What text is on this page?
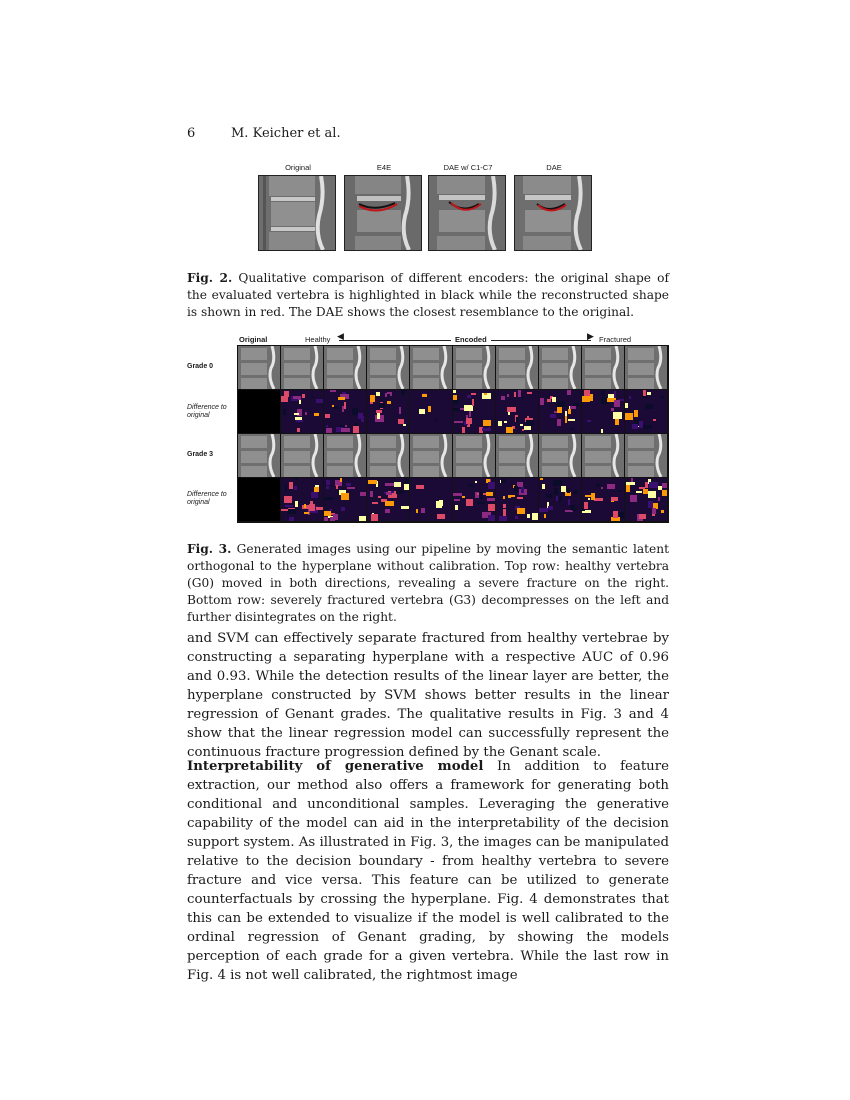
6	M. Keicher et al.
Original	E4E	DAE w/ C1-C7	DAE
Fig. 2. Qualitative comparison of different encoders: the original shape of the evaluated vertebra is highlighted in black while the reconstructed shape is shown in red. The DAE shows the closest resemblance to the original.
Original	Healthy ◀	Encoded	▶ Fractured
Grade 0
Difference to original
Grade 3
Difference to original
Fig. 3. Generated images using our pipeline by moving the semantic latent orthogonal to the hyperplane without calibration. Top row: healthy vertebra (G0) moved in both directions, revealing a severe fracture on the right. Bottom row: severely fractured vertebra (G3) decompresses on the left and further disintegrates on the right.
and SVM can effectively separate fractured from healthy vertebrae by constructing a separating hyperplane with a respective AUC of 0.96 and 0.93. While the detection results of the linear layer are better, the hyperplane constructed by SVM shows better results in the linear regression of Genant grades. The qualitative results in Fig. 3 and 4 show that the linear regression model can successfully represent the continuous fracture progression defined by the Genant scale.
Interpretability of generative model In addition to feature extraction, our method also offers a framework for generating both conditional and unconditional samples. Leveraging the generative capability of the model can aid in the interpretability of the decision support system. As illustrated in Fig. 3, the images can be manipulated relative to the decision boundary - from healthy vertebra to severe fracture and vice versa. This feature can be utilized to generate counterfactuals by crossing the hyperplane. Fig. 4 demonstrates that this can be extended to visualize if the model is well calibrated to the ordinal regression of Genant grading, by showing the models perception of each grade for a given vertebra. While the last row in Fig. 4 is not well calibrated, the rightmost image
